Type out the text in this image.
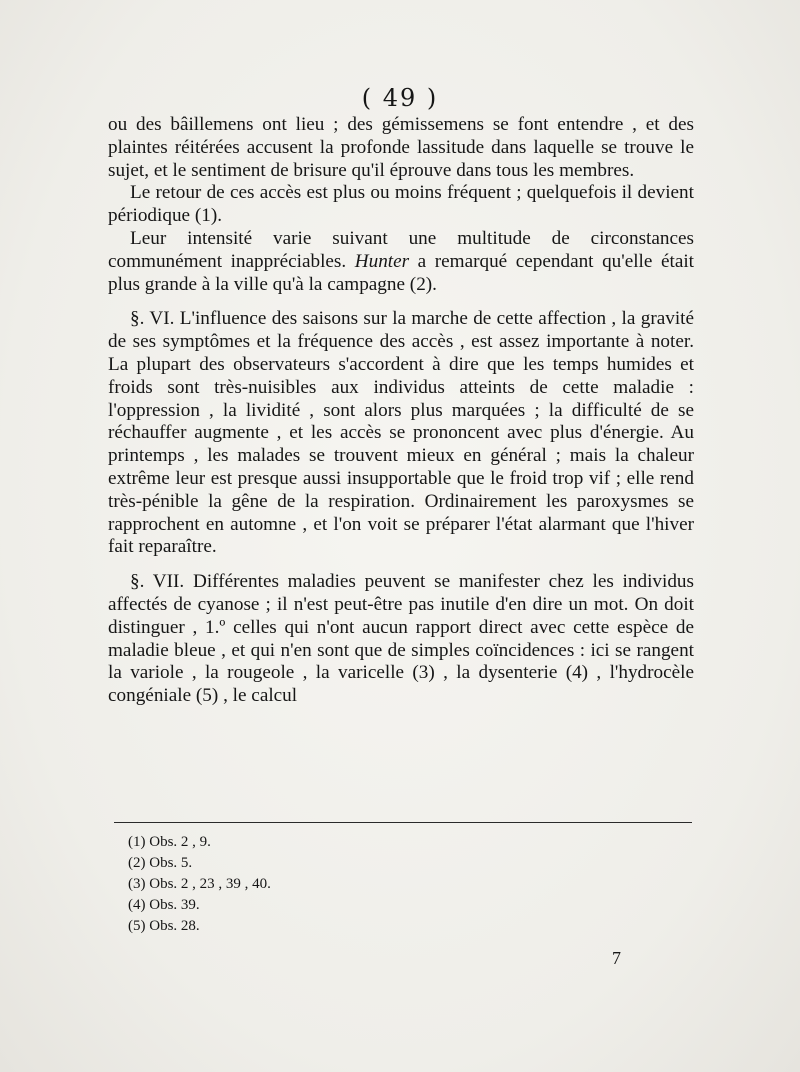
( 49 )

ou des bâillemens ont lieu ; des gémissemens se font entendre , et des plaintes réitérées accusent la profonde lassitude dans laquelle se trouve le sujet, et le sentiment de brisure qu'il éprouve dans tous les membres.

Le retour de ces accès est plus ou moins fréquent ; quelquefois il devient périodique (1).

Leur intensité varie suivant une multitude de circonstances communément inappréciables. Hunter a remarqué cependant qu'elle était plus grande à la ville qu'à la campagne (2).

§. VI. L'influence des saisons sur la marche de cette affection , la gravité de ses symptômes et la fréquence des accès , est assez importante à noter. La plupart des observateurs s'accordent à dire que les temps humides et froids sont très-nuisibles aux individus atteints de cette maladie : l'oppression , la lividité , sont alors plus marquées ; la difficulté de se réchauffer augmente , et les accès se prononcent avec plus d'énergie. Au printemps , les malades se trouvent mieux en général ; mais la chaleur extrême leur est presque aussi insupportable que le froid trop vif ; elle rend très-pénible la gêne de la respiration. Ordinairement les paroxysmes se rapprochent en automne , et l'on voit se préparer l'état alarmant que l'hiver fait reparaître.

§. VII. Différentes maladies peuvent se manifester chez les individus affectés de cyanose ; il n'est peut-être pas inutile d'en dire un mot. On doit distinguer , 1.º celles qui n'ont aucun rapport direct avec cette espèce de maladie bleue , et qui n'en sont que de simples coïncidences : ici se rangent la variole , la rougeole , la varicelle (3) , la dysenterie (4) , l'hydrocèle congéniale (5) , le calcul

(1) Obs. 2 , 9.
(2) Obs. 5.
(3) Obs. 2 , 23 , 39 , 40.
(4) Obs. 39.
(5) Obs. 28.
7
